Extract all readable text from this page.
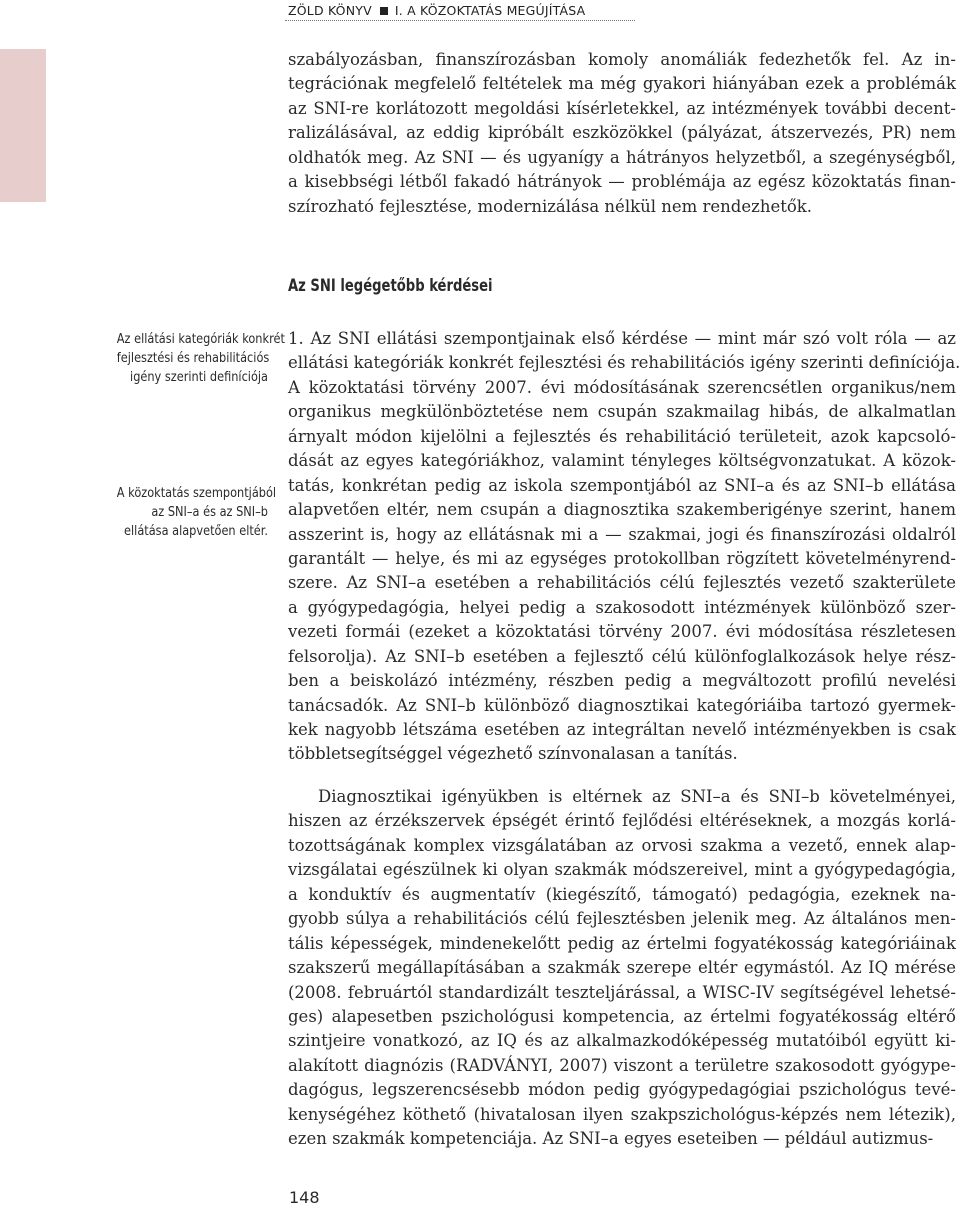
ZÖLD KÖNYV I. A KÖZOKTATÁS MEGÚJÍTÁSA
szabályozásban, finanszírozásban komoly anomáliák fedezhetők fel. Az in-
tegrációnak megfelelő feltételek ma még gyakori hiányában ezek a problémák
az SNI-re korlátozott megoldási kísérletekkel, az intézmények további decent-
ralizálásával, az eddig kipróbált eszközökkel (pályázat, átszervezés, PR) nem
oldhatók meg. Az SNI — és ugyanígy a hátrányos helyzetből, a szegénységből,
a kisebbségi létből fakadó hátrányok — problémája az egész közoktatás finan-
szírozható fejlesztése, modernizálása nélkül nem rendezhetők.
Az SNI legégetőbb kérdései
Az ellátási kategóriák konkrét
fejlesztési és rehabilitációs
igény szerinti definíciója
A közoktatás szempontjából
az SNI–a és az SNI–b
ellátása alapvetően eltér.
1. Az SNI ellátási szempontjainak első kérdése — mint már szó volt róla — az
ellátási kategóriák konkrét fejlesztési és rehabilitációs igény szerinti definíciója.
A közoktatási törvény 2007. évi módosításának szerencsétlen organikus/nem
organikus megkülönböztetése nem csupán szakmailag hibás, de alkalmatlan
árnyalt módon kijelölni a fejlesztés és rehabilitáció területeit, azok kapcsoló-
dását az egyes kategóriákhoz, valamint tényleges költségvonzatukat. A közok-
tatás, konkrétan pedig az iskola szempontjából az SNI–a és az SNI–b ellátása
alapvetően eltér, nem csupán a diagnosztika szakemberigénye szerint, hanem
asszerint is, hogy az ellátásnak mi a — szakmai, jogi és finanszírozási oldalról
garantált — helye, és mi az egységes protokollban rögzített követelményrend-
szere. Az SNI–a esetében a rehabilitációs célú fejlesztés vezető szakterülete
a gyógypedagógia, helyei pedig a szakosodott intézmények különböző szer-
vezeti formái (ezeket a közoktatási törvény 2007. évi módosítása részletesen
felsorolja). Az SNI–b esetében a fejlesztő célú különfoglalkozások helye rész-
ben a beiskolázó intézmény, részben pedig a megváltozott profilú nevelési
tanácsadók. Az SNI–b különböző diagnosztikai kategóriáiba tartozó gyermek-
kek nagyobb létszáma esetében az integráltan nevelő intézményekben is csak
többletsegítséggel végezhető színvonalasan a tanítás.
Diagnosztikai igényükben is eltérnek az SNI–a és SNI–b követelményei,
hiszen az érzékszervek épségét érintő fejlődési eltéréseknek, a mozgás korlá-
tozottságának komplex vizsgálatában az orvosi szakma a vezető, ennek alap-
vizsgálatai egészülnek ki olyan szakmák módszereivel, mint a gyógypedagógia,
a konduktív és augmentatív (kiegészítő, támogató) pedagógia, ezeknek na-
gyobb súlya a rehabilitációs célú fejlesztésben jelenik meg. Az általános men-
tális képességek, mindenekelőtt pedig az értelmi fogyatékosság kategóriáinak
szakszerű megállapításában a szakmák szerepe eltér egymástól. Az IQ mérése
(2008. februártól standardizált teszteljárással, a WISC-IV segítségével lehetsé-
ges) alapesetben pszichológusi kompetencia, az értelmi fogyatékosság eltérő
szintjeire vonatkozó, az IQ és az alkalmazkodóképesség mutatóiból együtt ki-
alakított diagnózis (RADVÁNYI, 2007) viszont a területre szakosodott gyógype-
dagógus, legszerencsésebb módon pedig gyógypedagógiai pszichológus tevé-
kenységéhez köthető (hivatalosan ilyen szakpszichológus-képzés nem létezik),
ezen szakmák kompetenciája. Az SNI–a egyes eseteiben — például autizmus-
148
